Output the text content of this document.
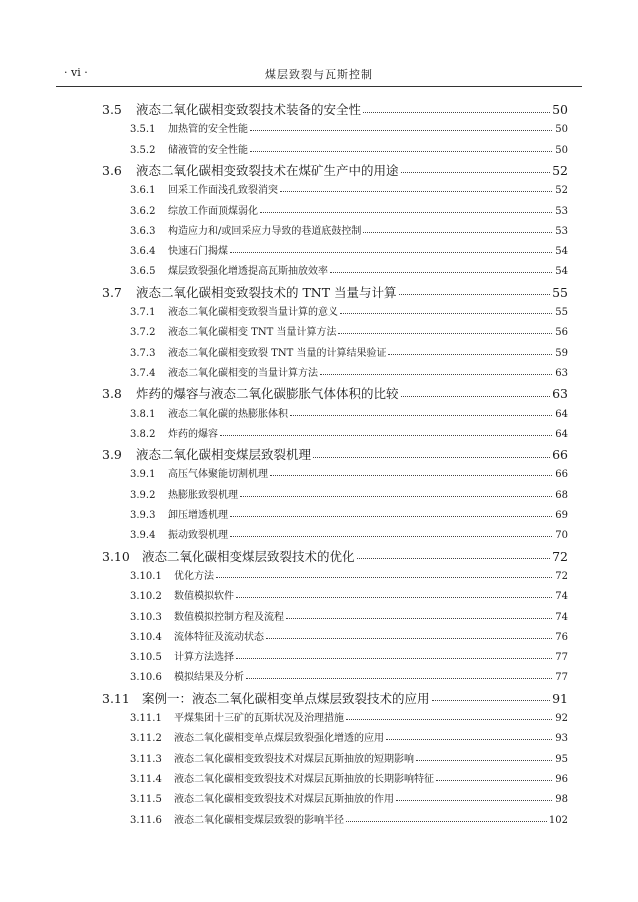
· vi ·	煤层致裂与瓦斯控制
3.5	液态二氧化碳相变致裂技术装备的安全性	50
3.5.1	加热管的安全性能	50
3.5.2	储液管的安全性能	50
3.6	液态二氧化碳相变致裂技术在煤矿生产中的用途	52
3.6.1	回采工作面浅孔致裂消突	52
3.6.2	综放工作面顶煤弱化	53
3.6.3	构造应力和/或回采应力导致的巷道底鼓控制	53
3.6.4	快速石门揭煤	54
3.6.5	煤层致裂强化增透提高瓦斯抽放效率	54
3.7	液态二氧化碳相变致裂技术的 TNT 当量与计算	55
3.7.1	液态二氧化碳相变致裂当量计算的意义	55
3.7.2	液态二氧化碳相变 TNT 当量计算方法	56
3.7.3	液态二氧化碳相变致裂 TNT 当量的计算结果验证	59
3.7.4	液态二氧化碳相变的当量计算方法	63
3.8	炸药的爆容与液态二氧化碳膨胀气体体积的比较	63
3.8.1	液态二氧化碳的热膨胀体积	64
3.8.2	炸药的爆容	64
3.9	液态二氧化碳相变煤层致裂机理	66
3.9.1	高压气体聚能切割机理	66
3.9.2	热膨胀致裂机理	68
3.9.3	卸压增透机理	69
3.9.4	振动致裂机理	70
3.10 液态二氧化碳相变煤层致裂技术的优化	72
3.10.1	优化方法	72
3.10.2	数值模拟软件	74
3.10.3	数值模拟控制方程及流程	74
3.10.4	流体特征及流动状态	76
3.10.5	计算方法选择	77
3.10.6	模拟结果及分析	77
3.11 案例一：液态二氧化碳相变单点煤层致裂技术的应用	91
3.11.1	平煤集团十三矿的瓦斯状况及治理措施	92
3.11.2	液态二氧化碳相变单点煤层致裂强化增透的应用	93
3.11.3	液态二氧化碳相变致裂技术对煤层瓦斯抽放的短期影响	95
3.11.4	液态二氧化碳相变致裂技术对煤层瓦斯抽放的长期影响特征	96
3.11.5	液态二氧化碳相变致裂技术对煤层瓦斯抽放的作用	98
3.11.6	液态二氧化碳相变煤层致裂的影响半径	102
